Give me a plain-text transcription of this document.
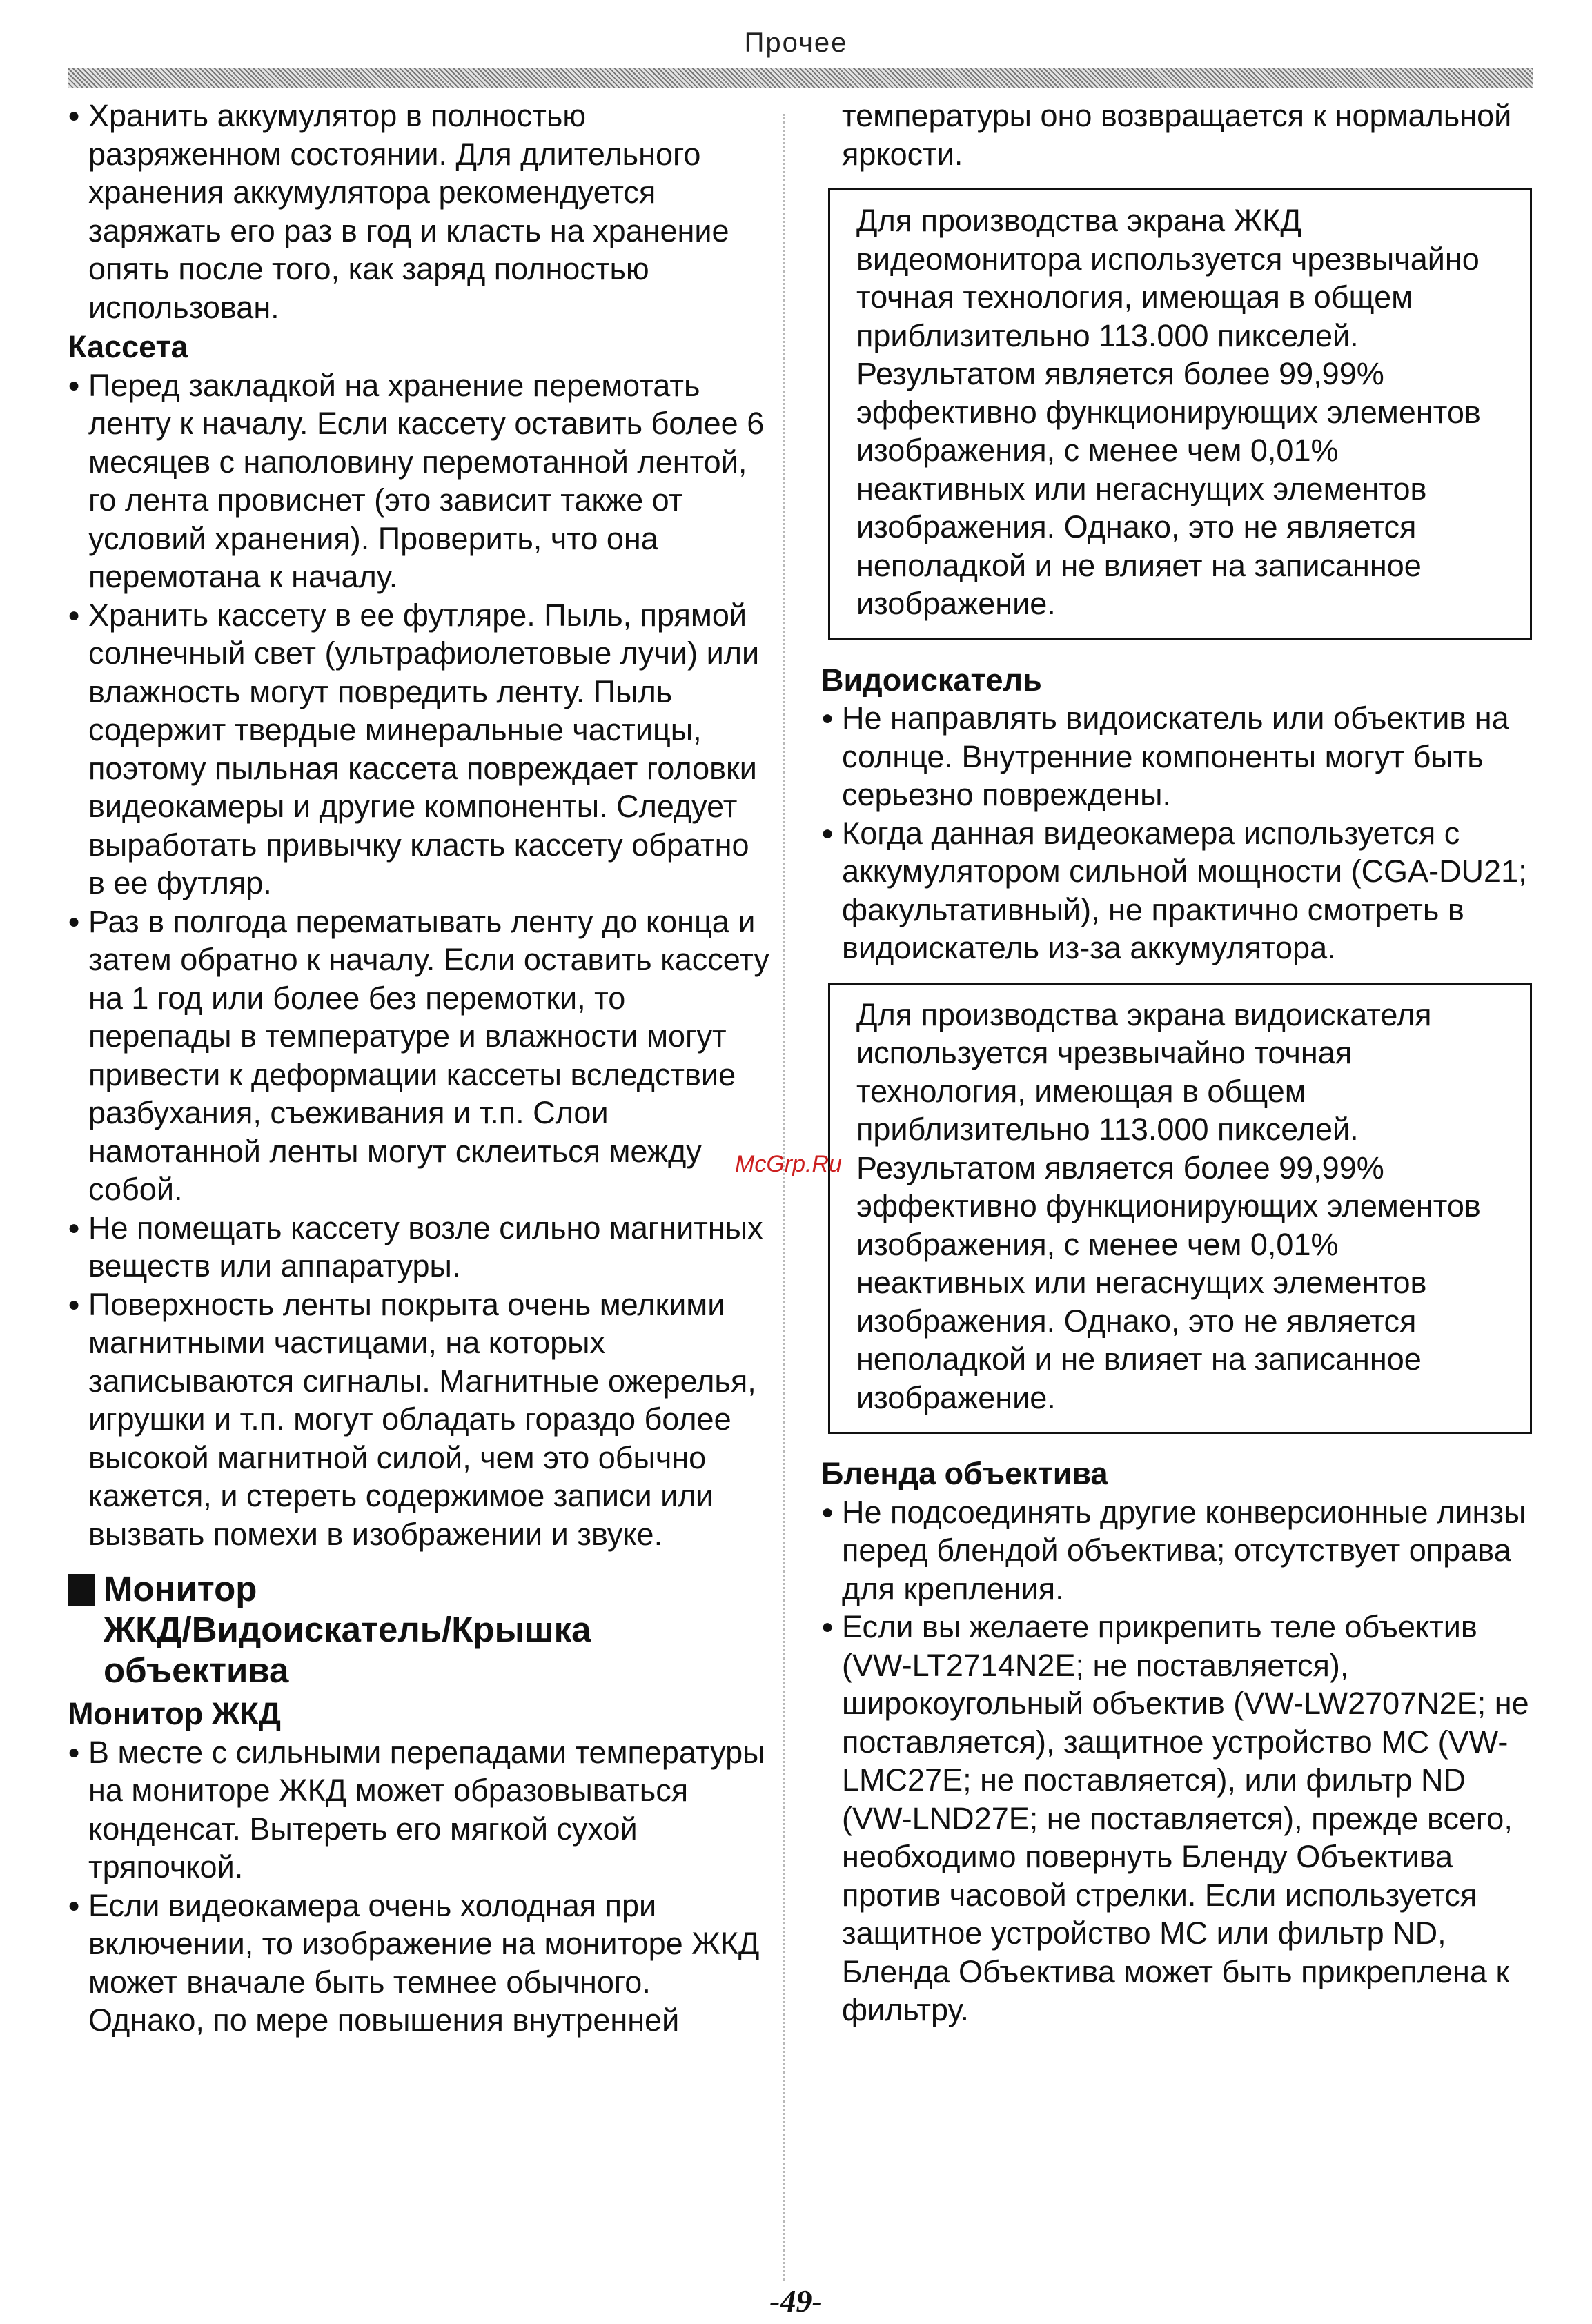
Прочее
● Хранить аккумулятор в полностью разряженном состоянии. Для длительного хранения аккумулятора рекомендуется заряжать его раз в год и класть на хранение опять после того, как заряд полностью использован.
Кассета
● Перед закладкой на хранение перемотать ленту к началу. Если кассету оставить более 6 месяцев с наполовину перемотанной лентой, го лента провиснет (это зависит также от условий хранения). Проверить, что она перемотана к началу.
● Хранить кассету в ее футляре. Пыль, прямой солнечный свет (ультрафиолетовые лучи) или влажность могут повредить ленту. Пыль содержит твердые минеральные частицы, поэтому пыльная кассета повреждает головки видеокамеры и другие компоненты. Следует выработать привычку класть кассету обратно в ее футляр.
● Раз в полгода перематывать ленту до конца и затем обратно к началу. Если оставить кассету на 1 год или более без перемотки, то перепады в температуре и влажности могут привести к деформации кассеты вследствие разбухания, съеживания и т.п. Слои намотанной ленты могут склеиться между собой.
● Не помещать кассету возле сильно магнитных веществ или аппаратуры.
● Поверхность ленты покрыта очень мелкими магнитными частицами, на которых записываются сигналы. Магнитные ожерелья, игрушки и т.п. могут обладать гораздо более высокой магнитной силой, чем это обычно кажется, и стереть содержимое записи или вызвать помехи в изображении и звуке.
Монитор
ЖКД/Видоискатель/Крышка
объектива
Монитор ЖКД
● В месте с сильными перепадами температуры на мониторе ЖКД может образовываться конденсат. Вытереть его мягкой сухой тряпочкой.
● Если видеокамера очень холодная при включении, то изображение на мониторе ЖКД может вначале быть темнее обычного. Однако, по мере повышения внутренней
температуры оно возвращается к нормальной яркости.
Для производства экрана ЖКД видеомонитора используется чрезвычайно точная технология, имеющая в общем приблизительно 113.000 пикселей. Результатом является более 99,99% эффективно функционирующих элементов изображения, с менее чем 0,01% неактивных или негаснущих элементов изображения. Однако, это не является неполадкой и не влияет на записанное изображение.
Видоискатель
● Не направлять видоискатель или объектив на солнце. Внутренние компоненты могут быть серьезно повреждены.
● Когда данная видеокамера используется с аккумулятором сильной мощности (CGA-DU21; факультативный), не практично смотреть в видоискатель из-за аккумулятора.
Для производства экрана видоискателя используется чрезвычайно точная технология, имеющая в общем приблизительно 113.000 пикселей. Результатом является более 99,99% эффективно функционирующих элементов изображения, с менее чем 0,01% неактивных или негаснущих элементов изображения. Однако, это не является неполадкой и не влияет на записанное изображение.
Бленда объектива
● Не подсоединять другие конверсионные линзы перед блендой объектива; отсутствует оправа для крепления.
● Если вы желаете прикрепить теле объектив (VW-LT2714N2E; не поставляется), широкоугольный объектив (VW-LW2707N2E; не поставляется), защитное устройство MC (VW-LMC27E; не поставляется), или фильтр ND (VW-LND27E; не поставляется), прежде всего, необходимо повернуть Бленду Объектива против часовой стрелки. Если используется защитное устройство MC или фильтр ND, Бленда Объектива может быть прикреплена к фильтру.
McGrp.Ru
-49-
